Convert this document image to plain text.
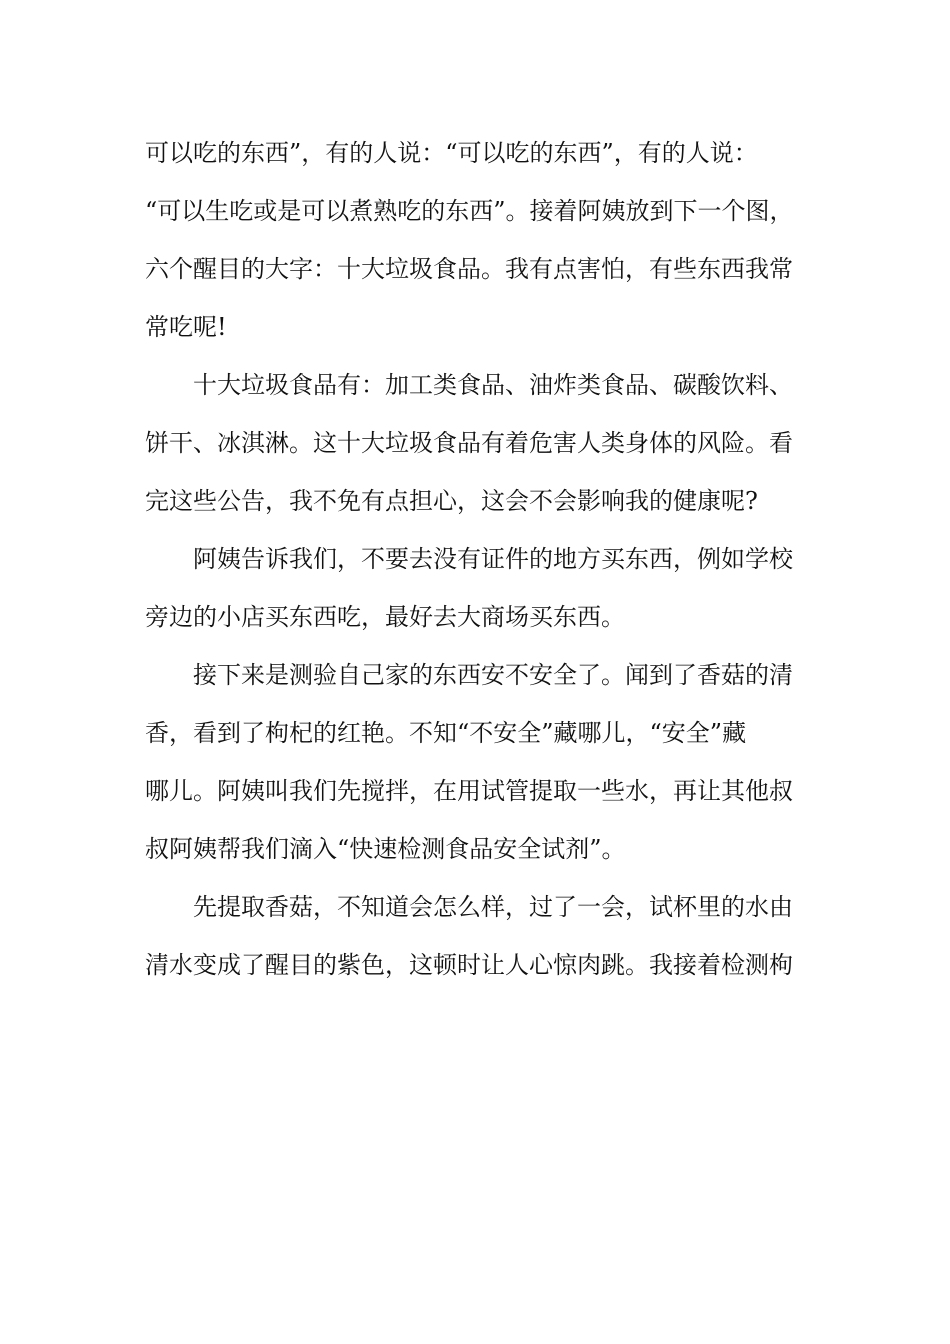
可以吃的东西”，有的人说：“可以吃的东西”，有的人说：
“可以生吃或是可以煮熟吃的东西”。接着阿姨放到下一个图，
六个醒目的大字：十大垃圾食品。我有点害怕，有些东西我常
常吃呢!
十大垃圾食品有：加工类食品、油炸类食品、碳酸饮料、
饼干、冰淇淋。这十大垃圾食品有着危害人类身体的风险。看
完这些公告，我不免有点担心，这会不会影响我的健康呢?
阿姨告诉我们，不要去没有证件的地方买东西，例如学校
旁边的小店买东西吃，最好去大商场买东西。
接下来是测验自己家的东西安不安全了。闻到了香菇的清
香，看到了枸杞的红艳。不知“不安全”藏哪儿，“安全”藏
哪儿。阿姨叫我们先搅拌，在用试管提取一些水，再让其他叔
叔阿姨帮我们滴入“快速检测食品安全试剂”。
先提取香菇，不知道会怎么样，过了一会，试杯里的水由
清水变成了醒目的紫色，这顿时让人心惊肉跳。我接着检测枸
